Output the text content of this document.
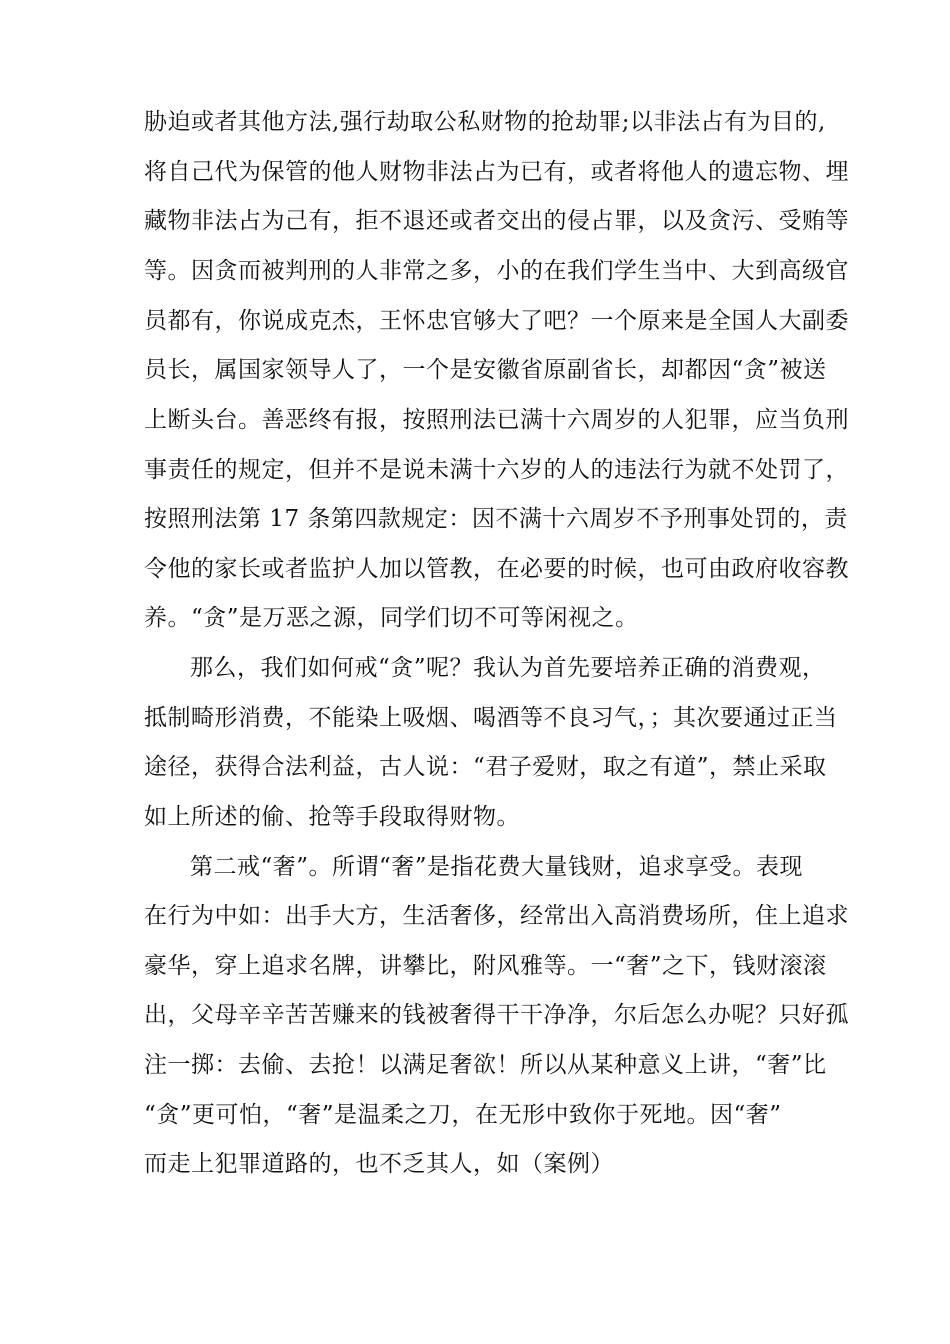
胁迫或者其他方法,强行劫取公私财物的抢劫罪;以非法占有为目的,
将自己代为保管的他人财物非法占为已有，或者将他人的遗忘物、埋
藏物非法占为己有，拒不退还或者交出的侵占罪，以及贪污、受贿等
等。因贪而被判刑的人非常之多，小的在我们学生当中、大到高级官
员都有，你说成克杰，王怀忠官够大了吧？一个原来是全国人大副委
员长，属国家领导人了，一个是安徽省原副省长，却都因“贪”被送
上断头台。善恶终有报，按照刑法已满十六周岁的人犯罪，应当负刑
事责任的规定，但并不是说未满十六岁的人的违法行为就不处罚了，
按照刑法第 17 条第四款规定：因不满十六周岁不予刑事处罚的，责
令他的家长或者监护人加以管教，在必要的时候，也可由政府收容教
养。“贪”是万恶之源，同学们切不可等闲视之。
那么，我们如何戒“贪”呢？我认为首先要培养正确的消费观，
抵制畸形消费，不能染上吸烟、喝酒等不良习气，；其次要通过正当
途径，获得合法利益，古人说：“君子爱财，取之有道”，禁止采取
如上所述的偷、抢等手段取得财物。
第二戒“奢”。所谓“奢”是指花费大量钱财，追求享受。表现
在行为中如：出手大方，生活奢侈，经常出入高消费场所，住上追求
豪华，穿上追求名牌，讲攀比，附风雅等。一“奢”之下，钱财滚滚
出，父母辛辛苦苦赚来的钱被奢得干干净净，尔后怎么办呢？只好孤
注一掷：去偷、去抢！以满足奢欲！所以从某种意义上讲，“奢”比
“贪”更可怕，“奢”是温柔之刀，在无形中致你于死地。因“奢”
而走上犯罪道路的，也不乏其人，如（案例）
